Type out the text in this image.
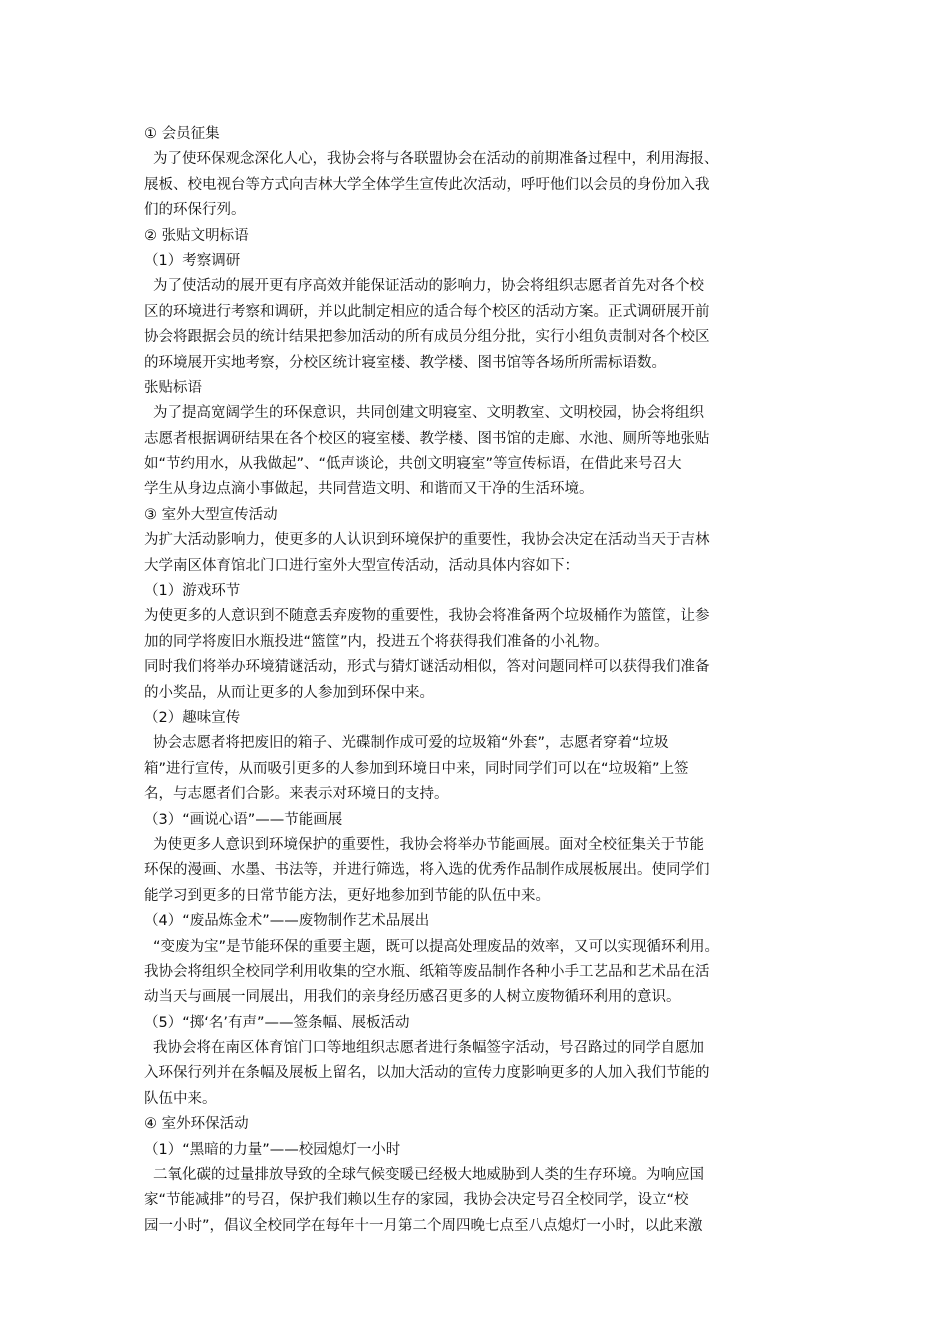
① 会员征集
为了使环保观念深化人心，我协会将与各联盟协会在活动的前期准备过程中，利用海报、
展板、校电视台等方式向吉林大学全体学生宣传此次活动，呼吁他们以会员的身份加入我
们的环保行列。
② 张贴文明标语
（1）考察调研
为了使活动的展开更有序高效并能保证活动的影响力，协会将组织志愿者首先对各个校
区的环境进行考察和调研，并以此制定相应的适合每个校区的活动方案。正式调研展开前
协会将跟据会员的统计结果把参加活动的所有成员分组分批，实行小组负责制对各个校区
的环境展开实地考察，分校区统计寝室楼、教学楼、图书馆等各场所所需标语数。
张贴标语
为了提高宽阔学生的环保意识，共同创建文明寝室、文明教室、文明校园，协会将组织
志愿者根据调研结果在各个校区的寝室楼、教学楼、图书馆的走廊、水池、厕所等地张贴
如“节约用水，从我做起”、“低声谈论，共创文明寝室”等宣传标语，在借此来号召大
学生从身边点滴小事做起，共同营造文明、和谐而又干净的生活环境。
③ 室外大型宣传活动
为扩大活动影响力，使更多的人认识到环境保护的重要性，我协会决定在活动当天于吉林
大学南区体育馆北门口进行室外大型宣传活动，活动具体内容如下：
（1）游戏环节
为使更多的人意识到不随意丢弃废物的重要性，我协会将准备两个垃圾桶作为篮筐，让参
加的同学将废旧水瓶投进“篮筐”内，投进五个将获得我们准备的小礼物。
同时我们将举办环境猜谜活动，形式与猜灯谜活动相似，答对问题同样可以获得我们准备
的小奖品，从而让更多的人参加到环保中来。
（2）趣味宣传
协会志愿者将把废旧的箱子、光碟制作成可爱的垃圾箱“外套”，志愿者穿着“垃圾
箱”进行宣传，从而吸引更多的人参加到环境日中来，同时同学们可以在“垃圾箱”上签
名，与志愿者们合影。来表示对环境日的支持。
（3）“画说心语”——节能画展
为使更多人意识到环境保护的重要性，我协会将举办节能画展。面对全校征集关于节能
环保的漫画、水墨、书法等，并进行筛选，将入选的优秀作品制作成展板展出。使同学们
能学习到更多的日常节能方法，更好地参加到节能的队伍中来。
（4）“废品炼金术”——废物制作艺术品展出
“变废为宝”是节能环保的重要主题，既可以提高处理废品的效率，又可以实现循环利用。
我协会将组织全校同学利用收集的空水瓶、纸箱等废品制作各种小手工艺品和艺术品在活
动当天与画展一同展出，用我们的亲身经历感召更多的人树立废物循环利用的意识。
（5）“掷‘名’有声”——签条幅、展板活动
我协会将在南区体育馆门口等地组织志愿者进行条幅签字活动，号召路过的同学自愿加
入环保行列并在条幅及展板上留名，以加大活动的宣传力度影响更多的人加入我们节能的
队伍中来。
④ 室外环保活动
（1）“黑暗的力量”——校园熄灯一小时
二氧化碳的过量排放导致的全球气候变暖已经极大地威胁到人类的生存环境。为响应国
家“节能减排”的号召，保护我们赖以生存的家园，我协会决定号召全校同学，设立“校
园一小时”，倡议全校同学在每年十一月第二个周四晚七点至八点熄灯一小时，以此来激
